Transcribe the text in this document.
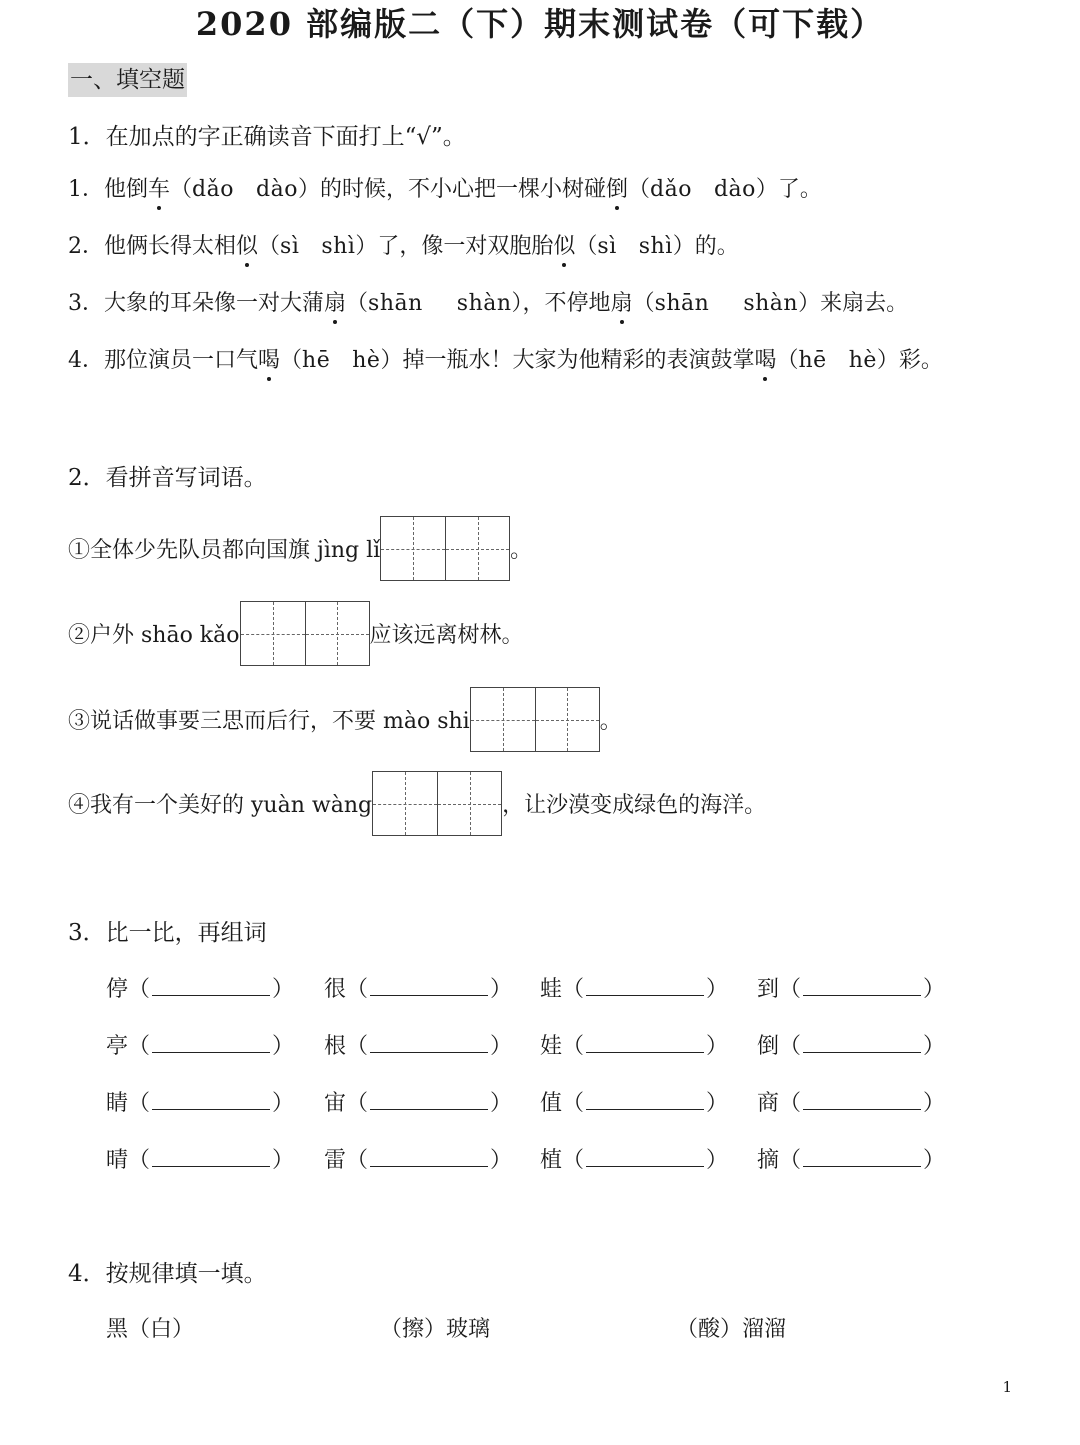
2020 部编版二（下）期末测试卷（可下载）
一、填空题
1．在加点的字正确读音下面打上“√”。
1．他倒车（dǎo dào）的时候，不小心把一棵小树碰倒（dǎo dào）了。
2．他俩长得太相似（sì shì）了，像一对双胞胎似（sì shì）的。
3．大象的耳朵像一对大蒲扇（shān shàn），不停地扇（shān shàn）来扇去。
4．那位演员一口气喝（hē hè）掉一瓶水！大家为他精彩的表演鼓掌喝（hē hè）彩。
2．看拼音写词语。
①全体少先队员都向国旗 jìng lǐ	。
②户外 shāo kǎo	应该远离树林。
③说话做事要三思而后行，不要 mào shi	。
④我有一个美好的 yuàn wàng	，让沙漠变成绿色的海洋。
3．比一比，再组词
停（	） 很（	） 蛙（	） 到（	）
亭（	） 根（	） 娃（	） 倒（	）
睛（	） 宙（	） 值（	） 商（	）
晴（	） 雷（	） 植（	） 摘（	）
4．按规律填一填。
黑（白）	（擦）玻璃	（酸）溜溜
1
